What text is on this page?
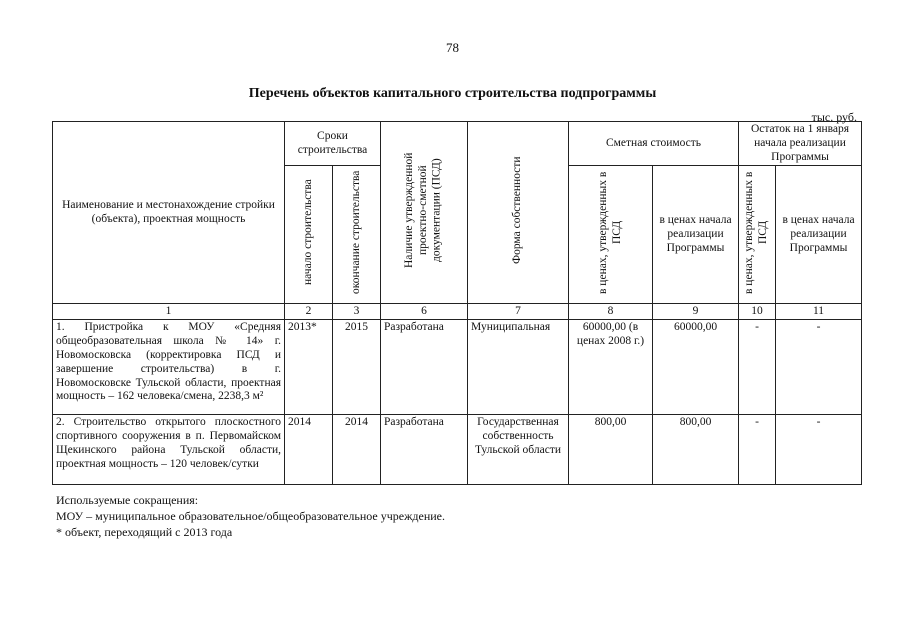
78
Перечень объектов капитального строительства подпрограммы
тыс. руб.
Наименование и местонахождение стройки (объекта), проектная мощность	Сроки строительства		Наличие утвержденной проектно-сметной документации (ПСД)	Форма собственности	Сметная стоимость		Остаток на 1 января начала реализации Программы	
	начало строительства	окончание строительства			в ценах, утвержденных в ПСД	в ценах начала реализации Программы	в ценах, утвержденных в ПСД	в ценах начала реализации Программы
1	2	3	6	7	8	9	10	11
1. Пристройка к МОУ «Средняя общеобразовательная школа № 14» г. Новомосковска (корректировка ПСД и завершение строительства) в г. Новомосковске Тульской области, проектная мощность – 162 человека/смена, 2238,3 м²	2013*	2015	Разработана	Муниципальная	60000,00 (в ценах 2008 г.)	60000,00	-	-
2. Строительство открытого плоскостного спортивного сооружения в п. Первомайском Щекинского района Тульской области, проектная мощность – 120 человек/сутки	2014	2014	Разработана	Государственная собственность Тульской области	800,00	800,00	-	-
Используемые сокращения:
МОУ – муниципальное образовательное/общеобразовательное учреждение.
* объект, переходящий с 2013 года
